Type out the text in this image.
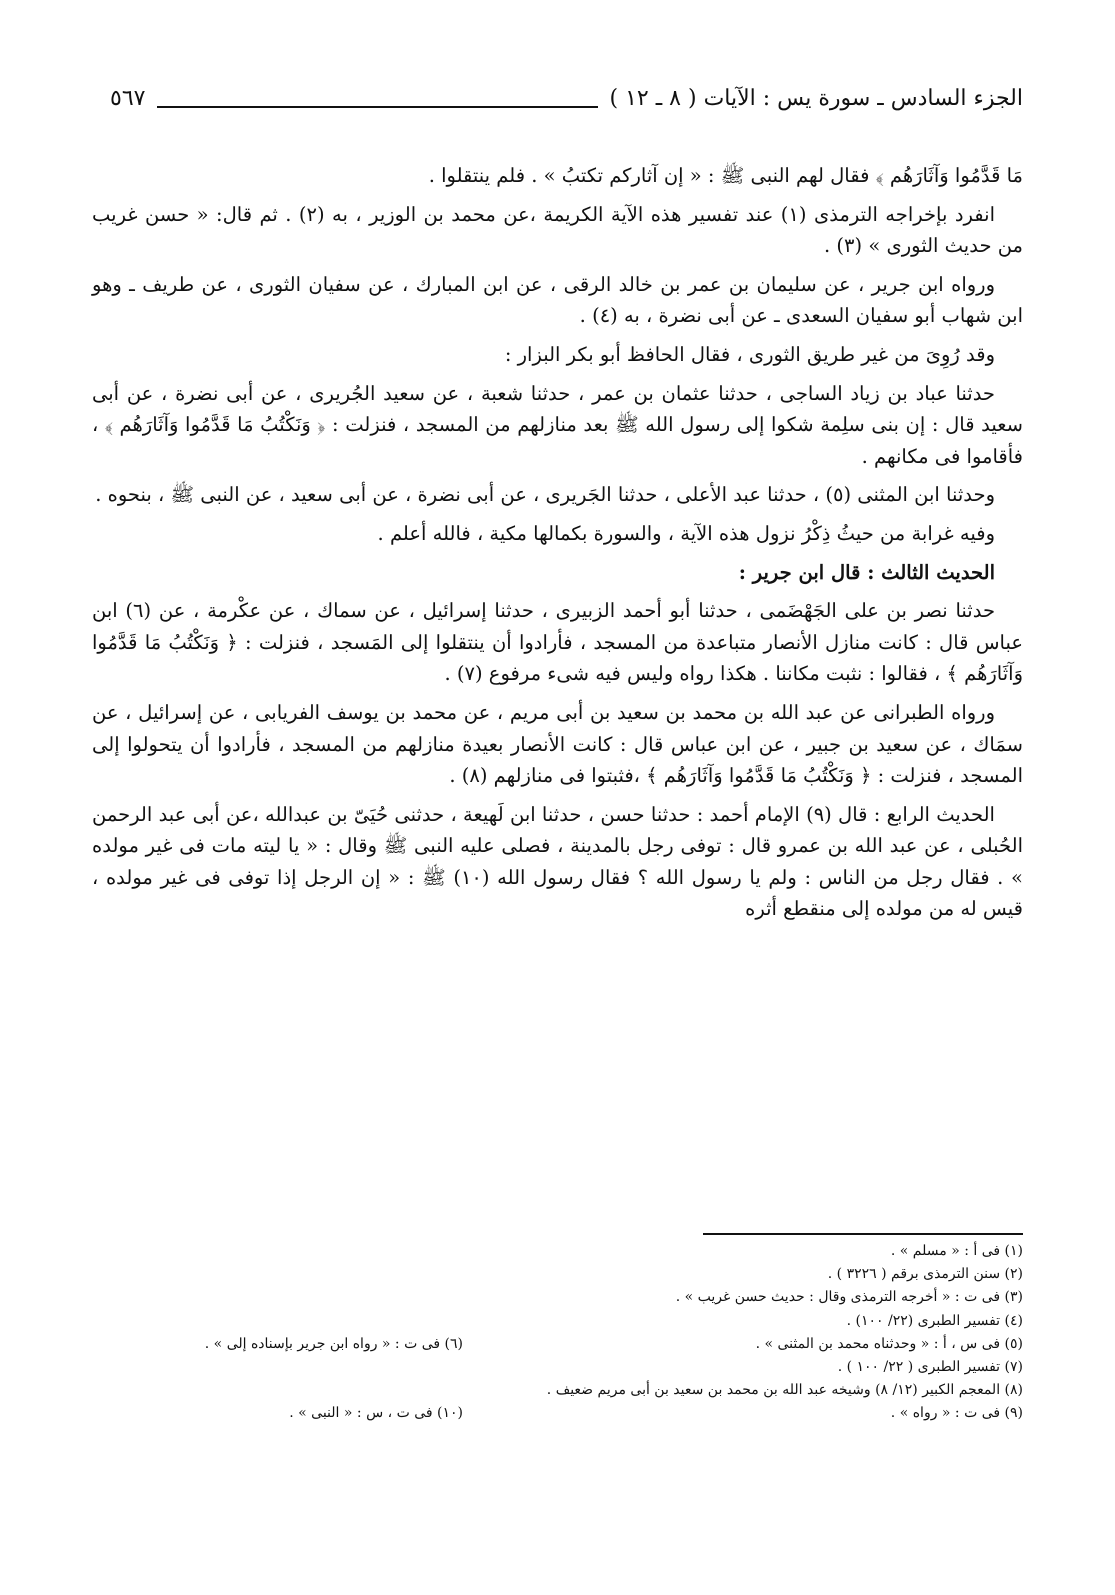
الجزء السادس ـ سورة يس : الآيات ( ٨ ـ ١٢ )
٥٦٧

مَا قَدَّمُوا وَآثَارَهُم ﴾ فقال لهم النبى ﷺ : « إن آثاركم تكتبُ » . فلم ينتقلوا .

انفرد بإخراجه الترمذى (١) عند تفسير هذه الآية الكريمة ،عن محمد بن الوزير ، به (٢) . ثم قال: « حسن غريب من حديث الثورى » (٣) .

ورواه ابن جرير ، عن سليمان بن عمر بن خالد الرقى ، عن ابن المبارك ، عن سفيان الثورى ، عن طريف ـ وهو ابن شهاب أبو سفيان السعدى ـ عن أبى نضرة ، به (٤) .

وقد رُوِىَ من غير طريق الثورى ، فقال الحافظ أبو بكر البزار :

حدثنا عباد بن زياد الساجى ، حدثنا عثمان بن عمر ، حدثنا شعبة ، عن سعيد الجُريرى ، عن أبى نضرة ، عن أبى سعيد قال : إن بنى سلِمة شكوا إلى رسول الله ﷺ بعد منازلهم من المسجد ، فنزلت : ﴿ وَنَكْتُبُ مَا قَدَّمُوا وَآثَارَهُم ﴾ ، فأقاموا فى مكانهم .

وحدثنا ابن المثنى (٥) ، حدثنا عبد الأعلى ، حدثنا الجَريرى ، عن أبى نضرة ، عن أبى سعيد ، عن النبى ﷺ ، بنحوه .

وفيه غرابة من حيثُ ذِكْرُ نزول هذه الآية ، والسورة بكمالها مكية ، فالله أعلم .

الحديث الثالث : قال ابن جرير :

حدثنا نصر بن على الجَهْضَمى ، حدثنا أبو أحمد الزبيرى ، حدثنا إسرائيل ، عن سماك ، عن عكْرمة ، عن (٦) ابن عباس قال : كانت منازل الأنصار متباعدة من المسجد ، فأرادوا أن ينتقلوا إلى المَسجد ، فنزلت : ﴿ وَنَكْتُبُ مَا قَدَّمُوا وَآثَارَهُم ﴾ ، فقالوا : نثبت مكاننا . هكذا رواه وليس فيه شىء مرفوع (٧) .

ورواه الطبرانى عن عبد الله بن محمد بن سعيد بن أبى مريم ، عن محمد بن يوسف الفريابى ، عن إسرائيل ، عن سمَاك ، عن سعيد بن جبير ، عن ابن عباس قال : كانت الأنصار بعيدة منازلهم من المسجد ، فأرادوا أن يتحولوا إلى المسجد ، فنزلت : ﴿ وَنَكْتُبُ مَا قَدَّمُوا وَآثَارَهُم ﴾ ،فثبتوا فى منازلهم (٨) .

الحديث الرابع : قال (٩) الإمام أحمد : حدثنا حسن ، حدثنا ابن لَهيعة ، حدثنى حُيَىّ بن عبدالله ،عن أبى عبد الرحمن الحُبلى ، عن عبد الله بن عمرو قال : توفى رجل بالمدينة ، فصلى عليه النبى ﷺ وقال : « يا ليته مات فى غير مولده » . فقال رجل من الناس : ولم يا رسول الله ؟ فقال رسول الله (١٠) ﷺ : « إن الرجل إذا توفى فى غير مولده ، قيس له من مولده إلى منقطع أثره

(١) فى أ : « مسلم » .
(٢) سنن الترمذى برقم ( ٣٢٢٦ ) .
(٣) فى ت : « أخرجه الترمذى وقال : حديث حسن غريب » .
(٤) تفسير الطبرى (٢٢/ ١٠٠) .
(٥) فى س ، أ : « وحدثناه محمد بن المثنى » .
(٦) فى ت : « رواه ابن جرير بإسناده إلى » .
(٧) تفسير الطبرى ( ٢٢/ ١٠٠ ) .
(٨) المعجم الكبير (١٢/ ٨) وشيخه عبد الله بن محمد بن سعيد بن أبى مريم ضعيف .
(٩) فى ت : « رواه » .
(١٠) فى ت ، س : « النبى » .
